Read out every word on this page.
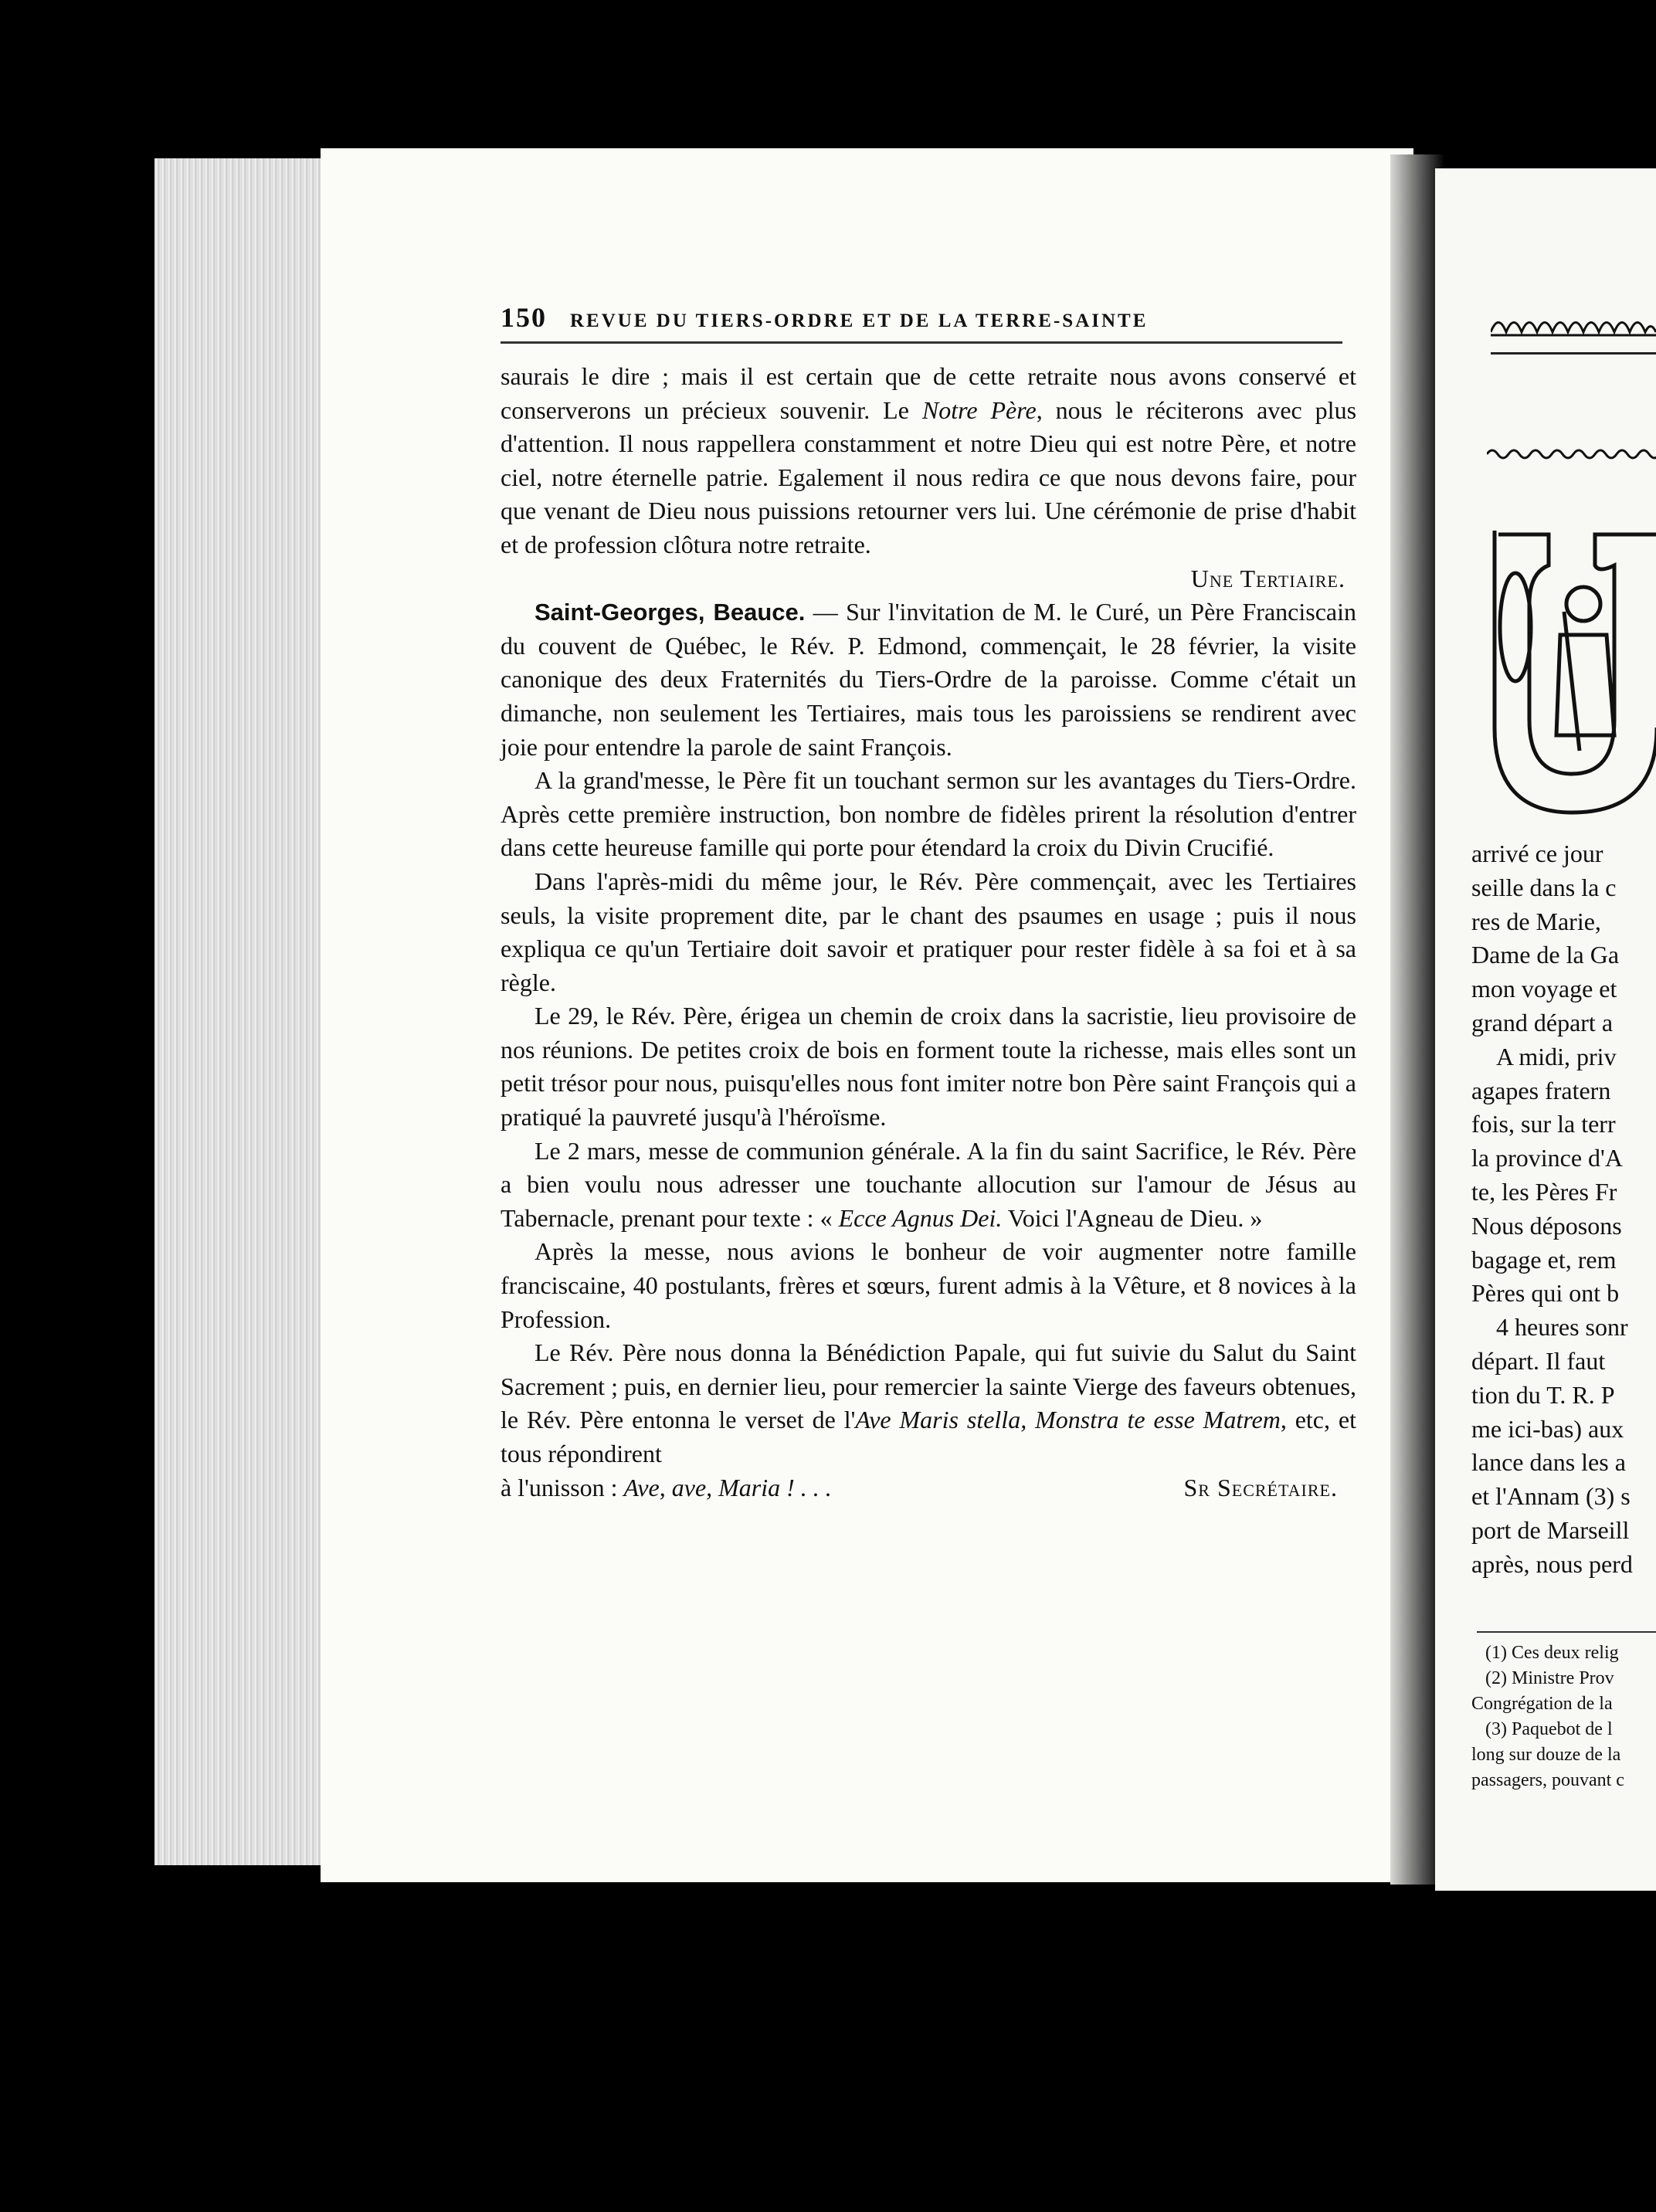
150	REVUE DU TIERS-ORDRE ET DE LA TERRE-SAINTE

saurais le dire ; mais il est certain que de cette retraite nous avons conservé et conserverons un précieux souvenir. Le Notre Père, nous le réciterons avec plus d'attention. Il nous rappellera constamment et notre Dieu qui est notre Père, et notre ciel, notre éternelle patrie. Egalement il nous redira ce que nous devons faire, pour que venant de Dieu nous puissions retourner vers lui. Une cérémonie de prise d'habit et de profession clôtura notre retraite.

Une Tertiaire.

Saint-Georges, Beauce. — Sur l'invitation de M. le Curé, un Père Franciscain du couvent de Québec, le Rév. P. Edmond, commençait, le 28 février, la visite canonique des deux Fraternités du Tiers-Ordre de la paroisse. Comme c'était un dimanche, non seulement les Tertiaires, mais tous les paroissiens se rendirent avec joie pour entendre la parole de saint François.

A la grand'messe, le Père fit un touchant sermon sur les avantages du Tiers-Ordre. Après cette première instruction, bon nombre de fidèles prirent la résolution d'entrer dans cette heureuse famille qui porte pour étendard la croix du Divin Crucifié.

Dans l'après-midi du même jour, le Rév. Père commençait, avec les Tertiaires seuls, la visite proprement dite, par le chant des psaumes en usage ; puis il nous expliqua ce qu'un Tertiaire doit savoir et pratiquer pour rester fidèle à sa foi et à sa règle.

Le 29, le Rév. Père, érigea un chemin de croix dans la sacristie, lieu provisoire de nos réunions. De petites croix de bois en forment toute la richesse, mais elles sont un petit trésor pour nous, puisqu'elles nous font imiter notre bon Père saint François qui a pratiqué la pauvreté jusqu'à l'héroïsme.

Le 2 mars, messe de communion générale. A la fin du saint Sacrifice, le Rév. Père a bien voulu nous adresser une touchante allocution sur l'amour de Jésus au Tabernacle, prenant pour texte : « Ecce Agnus Dei. Voici l'Agneau de Dieu. »

Après la messe, nous avions le bonheur de voir augmenter notre famille franciscaine, 40 postulants, frères et sœurs, furent admis à la Vêture, et 8 novices à la Profession.

Le Rév. Père nous donna la Bénédiction Papale, qui fut suivie du Salut du Saint Sacrement ; puis, en dernier lieu, pour remercier la sainte Vierge des faveurs obtenues, le Rév. Père entonna le verset de l'Ave Maris stella, Monstra te esse Matrem, etc, et tous répondirent

à l'unisson : Ave, ave, Maria ! . . .	Sr Secrétaire.

arrivé ce jour
seille dans la c
res de Marie,
Dame de la Ga
mon voyage et
grand départ a
A midi, priv
agapes fratern
fois, sur la terr
la province d'A
te, les Pères Fr
Nous déposons
bagage et, rem
Pères qui ont b
4 heures sonr
départ. Il faut
tion du T. R. P
me ici-bas) aux
lance dans les a
et l'Annam (3) s
port de Marseill
après, nous perd
(1) Ces deux relig
(2) Ministre Prov
Congrégation de la
(3) Paquebot de l
long sur douze de la
passagers, pouvant c
